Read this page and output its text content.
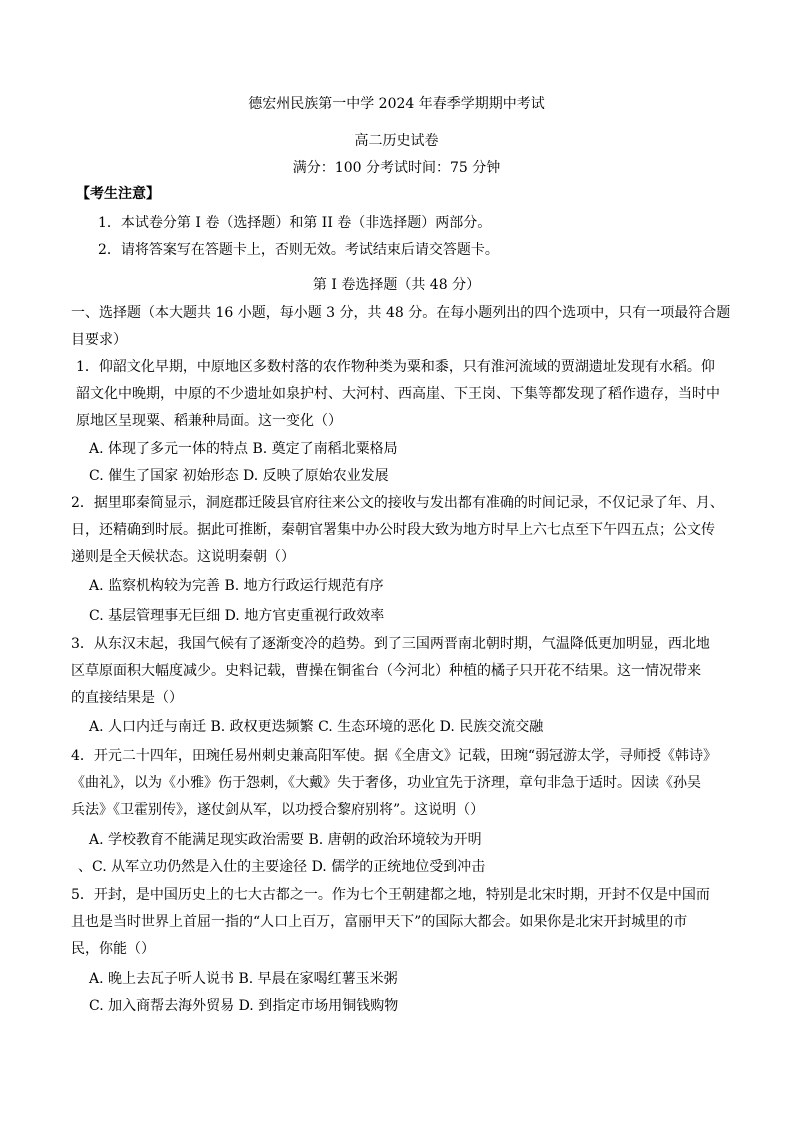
德宏州民族第一中学 2024 年春季学期期中考试
高二历史试卷
满分：100 分考试时间：75 分钟
【考生注意】
1．本试卷分第 I 卷（选择题）和第 II 卷（非选择题）两部分。
2．请将答案写在答题卡上，否则无效。考试结束后请交答题卡。
第 I 卷选择题（共 48 分）
一、选择题（本大题共 16 小题，每小题 3 分，共 48 分。在每小题列出的四个选项中，只有一项最符合题
目要求）
1．仰韶文化早期，中原地区多数村落的农作物种类为粟和黍，只有淮河流域的贾湖遗址发现有水稻。仰
韶文化中晚期，中原的不少遗址如泉护村、大河村、西高崖、下王岗、下集等都发现了稻作遗存，当时中
原地区呈现粟、稻兼种局面。这一变化（）
A. 体现了多元一体的特点 B. 奠定了南稻北粟格局
C. 催生了国家 初始形态 D. 反映了原始农业发展
2．据里耶秦简显示，洞庭郡迁陵县官府往来公文的接收与发出都有准确的时间记录，不仅记录了年、月、
日，还精确到时辰。据此可推断，秦朝官署集中办公时段大致为地方时早上六七点至下午四五点；公文传
递则是全天候状态。这说明秦朝（）
A. 监察机构较为完善 B. 地方行政运行规范有序
C. 基层管理事无巨细 D. 地方官吏重视行政效率
3．从东汉末起，我国气候有了逐渐变冷的趋势。到了三国两晋南北朝时期，气温降低更加明显，西北地
区草原面积大幅度减少。史料记载，曹操在铜雀台（今河北）种植的橘子只开花不结果。这一情况带来
的直接结果是（）
A. 人口内迁与南迁 B. 政权更迭频繁 C. 生态环境的恶化 D. 民族交流交融
4．开元二十四年，田琬任易州刺史兼高阳军使。据《全唐文》记载，田琬“弱冠游太学，寻师授《韩诗》
《曲礼》，以为《小雅》伤于怨刺，《大戴》失于奢侈，功业宜先于济理，章句非急于适时。因读《孙吴
兵法》《卫霍别传》，遂仗剑从军，以功授合黎府别将”。这说明（）
A. 学校教育不能满足现实政治需要 B. 唐朝的政治环境较为开明
、C. 从军立功仍然是入仕的主要途径 D. 儒学的正统地位受到冲击
5．开封，是中国历史上的七大古都之一。作为七个王朝建都之地，特别是北宋时期，开封不仅是中国而
且也是当时世界上首屈一指的“人口上百万，富丽甲天下”的国际大都会。如果你是北宋开封城里的市
民，你能（）
A. 晚上去瓦子听人说书 B. 早晨在家喝红薯玉米粥
C. 加入商帮去海外贸易 D. 到指定市场用铜钱购物
